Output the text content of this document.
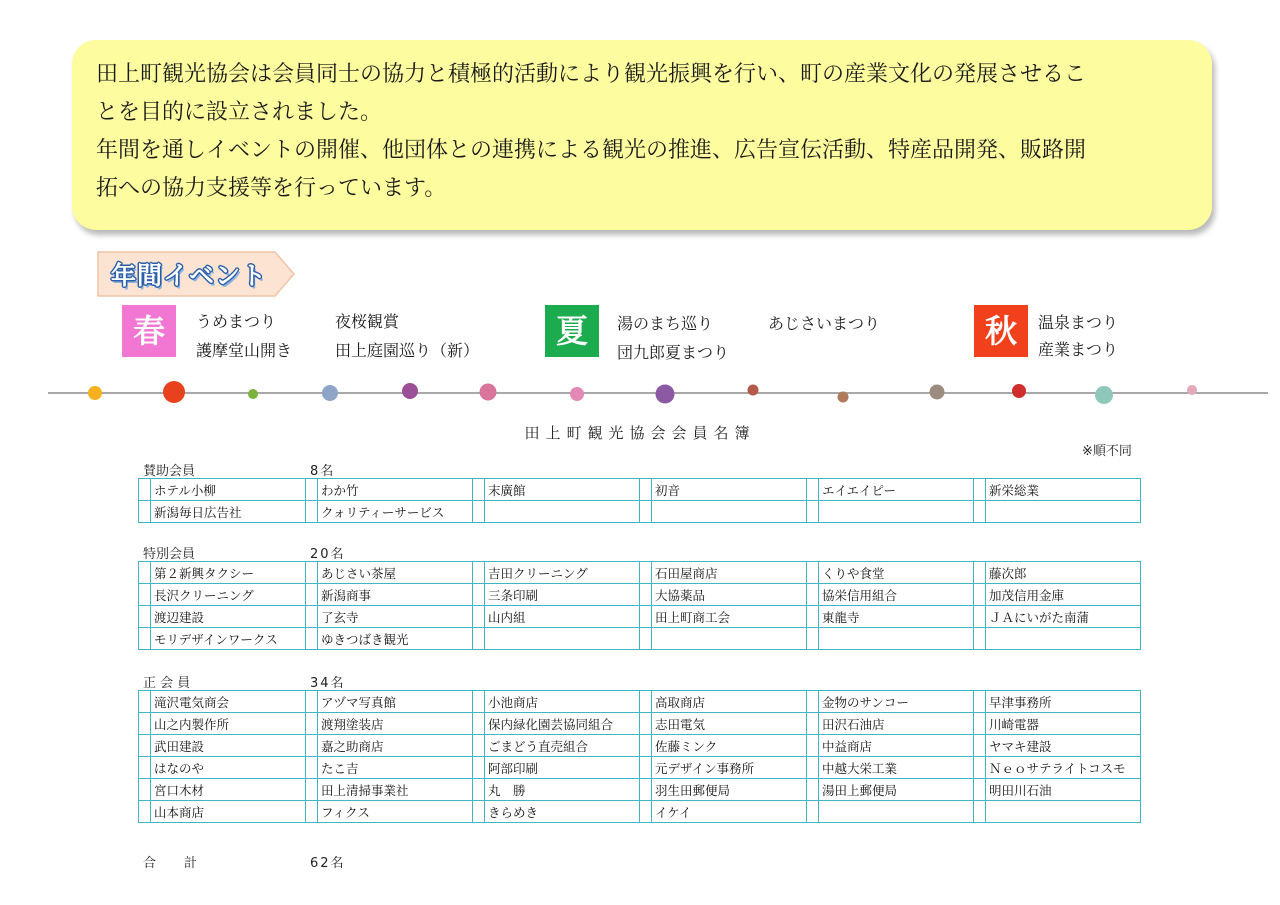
田上町観光協会は会員同士の協力と積極的活動により観光振興を行い、町の産業文化の発展させるこ

とを目的に設立されました。

年間を通しイベントの開催、他団体との連携による観光の推進、広告宣伝活動、特産品開発、販路開

拓への協力支援等を行っています。

年間イベント
春	うめまつり	夜桜観賞
護摩堂山開き	田上庭園巡り（新）
夏	湯のまち巡り	あじさいまつり
団九郎夏まつり
秋	温泉まつり
産業まつり
田上町観光協会会員名簿
※順不同
賛助会員	8名
	ホテル小柳		わか竹		末廣館		初音		エイエイピー		新栄総業
	新潟毎日広告社		クォリティーサービス								
特別会員	20名
	第２新興タクシー		あじさい茶屋		吉田クリーニング		石田屋商店		くりや食堂		藤次郎
	長沢クリーニング		新潟商事		三条印刷		大協薬品		協栄信用組合		加茂信用金庫
	渡辺建設		了玄寺		山内組		田上町商工会		東龍寺		ＪＡにいがた南蒲
	モリデザインワークス		ゆきつばき観光								
正 会 員	34名
	滝沢電気商会		アヅマ写真館		小池商店		高取商店		金物のサンコー		早津事務所
	山之内製作所		渡翔塗装店		保内緑化園芸協同組合		志田電気		田沢石油店		川崎電器
	武田建設		嘉之助商店		ごまどう直売組合		佐藤ミンク		中益商店		ヤマキ建設
	はなのや		たこ吉		阿部印刷		元デザイン事務所		中越大栄工業		Ｎｅｏサテライトコスモ
	宮口木材		田上清掃事業社		丸　勝		羽生田郵便局		湯田上郵便局		明田川石油
	山本商店		フィクス		きらめき		イケイ				
合計	62名
